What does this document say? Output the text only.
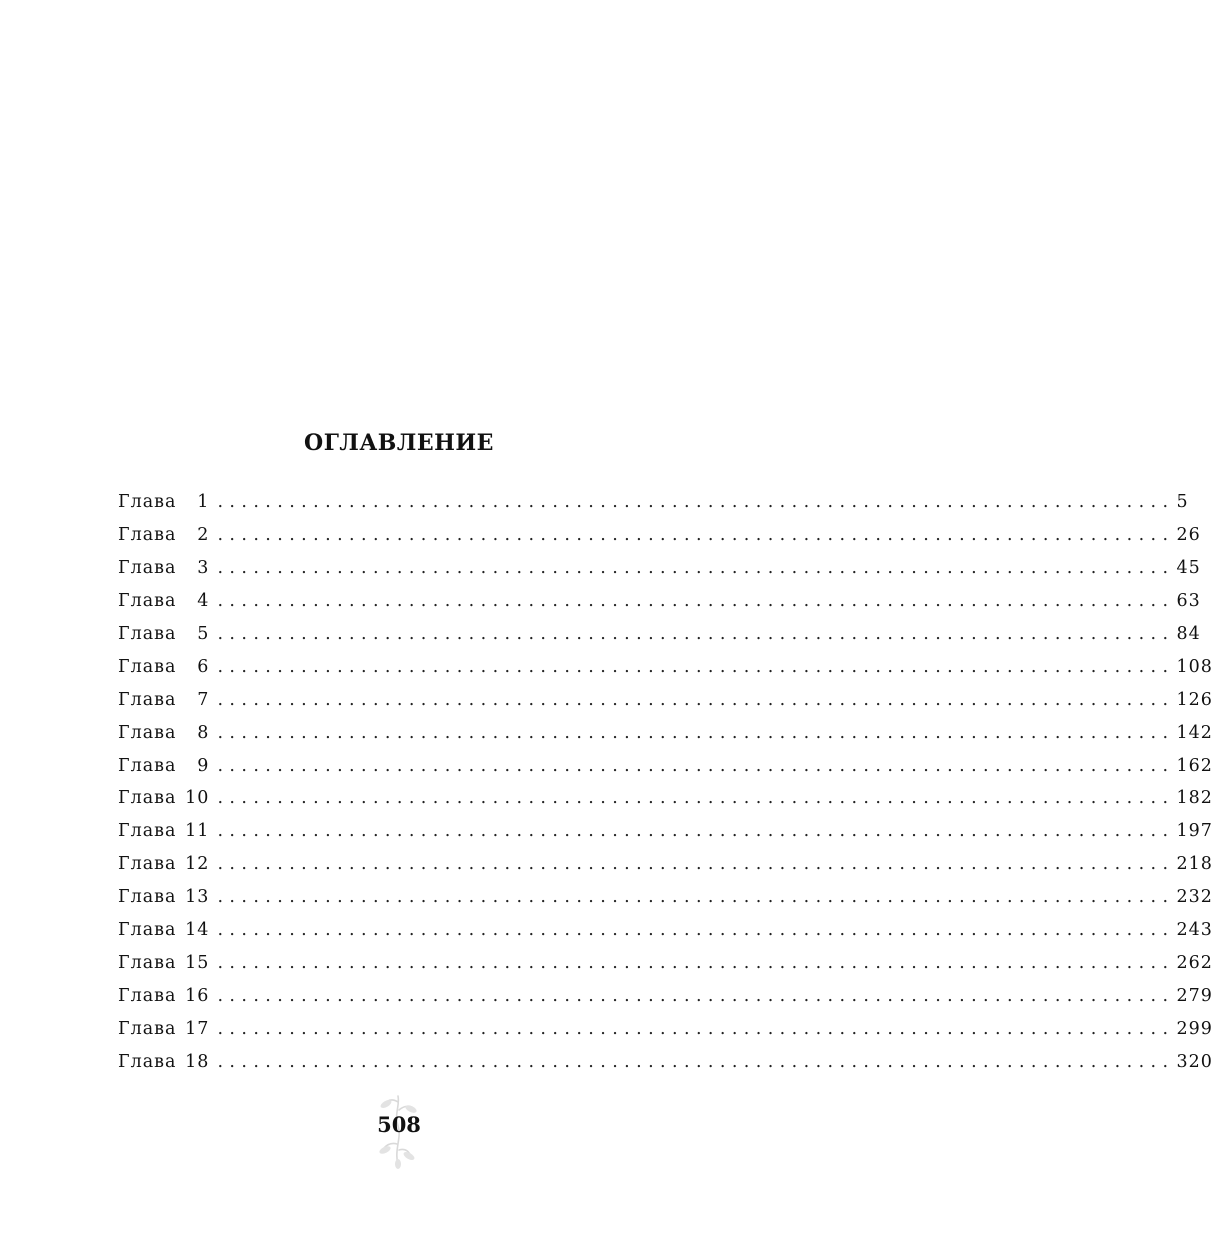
ОГЛАВЛЕНИЕ
Глава	1 ................................................................................ 5
Глава	2 ................................................................................ 26
Глава	3 ................................................................................ 45
Глава	4 ................................................................................ 63
Глава	5 ................................................................................ 84
Глава	6 ................................................................................ 108
Глава	7 ................................................................................ 126
Глава	8 ................................................................................ 142
Глава	9 ................................................................................ 162
Глава 10 ................................................................................ 182
Глава 11 ................................................................................ 197
Глава 12 ................................................................................ 218
Глава 13 ................................................................................ 232
Глава 14 ................................................................................ 243
Глава 15 ................................................................................ 262
Глава 16 ................................................................................ 279
Глава 17 ................................................................................ 299
Глава 18 ................................................................................ 320
508
